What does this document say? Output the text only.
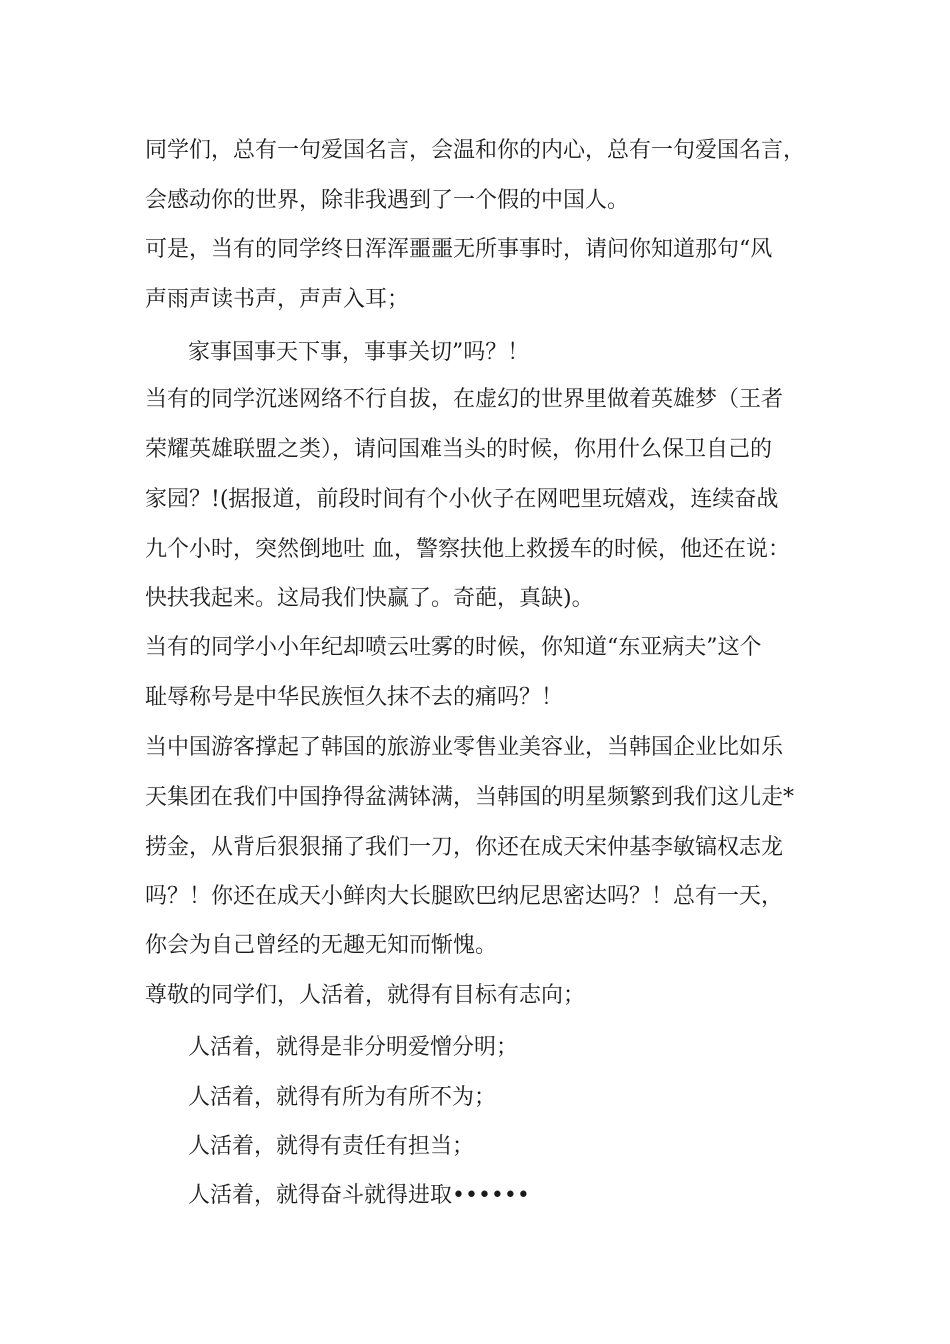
同学们，总有一句爱国名言，会温和你的内心，总有一句爱国名言，
会感动你的世界，除非我遇到了一个假的中国人。
可是，当有的同学终日浑浑噩噩无所事事时，请问你知道那句“风
声雨声读书声，声声入耳；
家事国事天下事，事事关切”吗？！
当有的同学沉迷网络不行自拔，在虚幻的世界里做着英雄梦（王者
荣耀英雄联盟之类），请问国难当头的时候，你用什么保卫自己的
家园？!(据报道，前段时间有个小伙子在网吧里玩嬉戏，连续奋战
九个小时，突然倒地吐 血，警察扶他上救援车的时候，他还在说：
快扶我起来。这局我们快赢了。奇葩，真缺)。
当有的同学小小年纪却喷云吐雾的时候，你知道“东亚病夫”这个
耻辱称号是中华民族恒久抹不去的痛吗？！
当中国游客撑起了韩国的旅游业零售业美容业，当韩国企业比如乐
天集团在我们中国挣得盆满钵满，当韩国的明星频繁到我们这儿走*
捞金，从背后狠狠捅了我们一刀，你还在成天宋仲基李敏镐权志龙
吗？！你还在成天小鲜肉大长腿欧巴纳尼思密达吗？！总有一天，
你会为自己曾经的无趣无知而惭愧。
尊敬的同学们，人活着，就得有目标有志向；
人活着，就得是非分明爱憎分明；
人活着，就得有所为有所不为；
人活着，就得有责任有担当；
人活着，就得奋斗就得进取••••••
